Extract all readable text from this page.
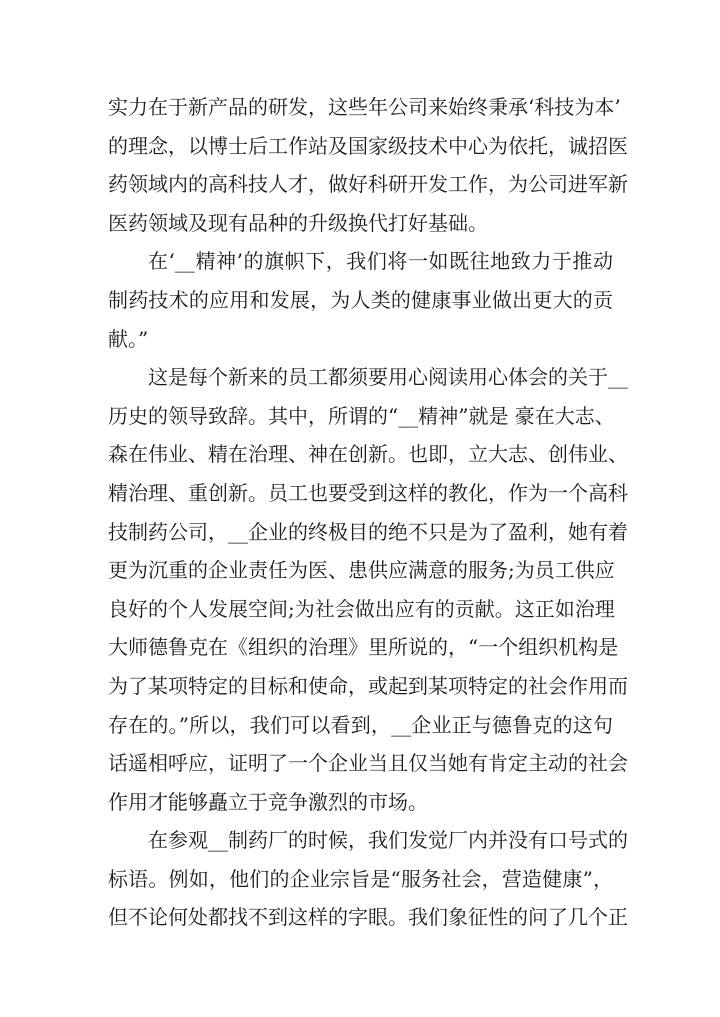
实力在于新产品的研发，这些年公司来始终秉承‘科技为本’
的理念，以博士后工作站及国家级技术中心为依托，诚招医
药领域内的高科技人才，做好科研开发工作，为公司进军新
医药领域及现有品种的升级换代打好基础。
在‘__精神’的旗帜下，我们将一如既往地致力于推动
制药技术的应用和发展，为人类的健康事业做出更大的贡
献。”
这是每个新来的员工都须要用心阅读用心体会的关于__
历史的领导致辞。其中，所谓的“__精神”就是 豪在大志、
森在伟业、精在治理、神在创新。也即，立大志、创伟业、
精治理、重创新。员工也要受到这样的教化，作为一个高科
技制药公司，__企业的终极目的绝不只是为了盈利，她有着
更为沉重的企业责任为医、患供应满意的服务;为员工供应
良好的个人发展空间;为社会做出应有的贡献。这正如治理
大师德鲁克在《组织的治理》里所说的，“一个组织机构是
为了某项特定的目标和使命，或起到某项特定的社会作用而
存在的。”所以，我们可以看到，__企业正与德鲁克的这句
话遥相呼应，证明了一个企业当且仅当她有肯定主动的社会
作用才能够矗立于竞争激烈的市场。
在参观__制药厂的时候，我们发觉厂内并没有口号式的
标语。例如，他们的企业宗旨是“服务社会，营造健康”，
但不论何处都找不到这样的字眼。我们象征性的问了几个正
